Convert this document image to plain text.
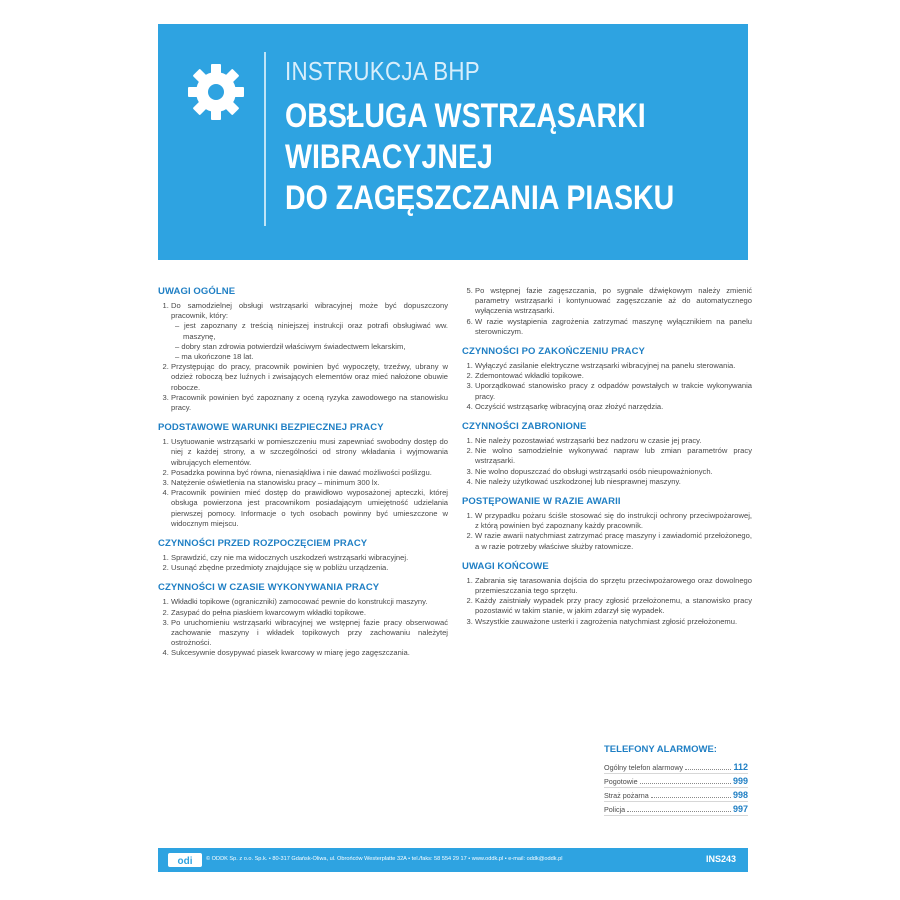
INSTRUKCJA BHP
OBSŁUGA WSTRZĄSARKI
WIBRACYJNEJ
DO ZAGĘSZCZANIA PIASKU
UWAGI OGÓLNE
1. Do samodzielnej obsługi wstrząsarki wibracyjnej może być dopuszczony pracownik, który:
– jest zapoznany z treścią niniejszej instrukcji oraz potrafi obsługiwać ww. maszynę,
– dobry stan zdrowia potwierdził właściwym świadectwem lekarskim,
– ma ukończone 18 lat.
2. Przystępując do pracy, pracownik powinien być wypoczęty, trzeźwy, ubrany w odzież roboczą bez luźnych i zwisających elementów oraz mieć nałożone obuwie robocze.
3. Pracownik powinien być zapoznany z oceną ryzyka zawodowego na stanowisku pracy.
PODSTAWOWE WARUNKI BEZPIECZNEJ PRACY
1. Usytuowanie wstrząsarki w pomieszczeniu musi zapewniać swobodny dostęp do niej z każdej strony, a w szczególności od strony wkładania i wyjmowania wibrujących elementów.
2. Posadzka powinna być równa, nienasiąkliwa i nie dawać możliwości poślizgu.
3. Natężenie oświetlenia na stanowisku pracy – minimum 300 lx.
4. Pracownik powinien mieć dostęp do prawidłowo wyposażonej apteczki, której obsługa powierzona jest pracownikom posiadającym umiejętność udzielania pierwszej pomocy. Informacje o tych osobach powinny być umieszczone w widocznym miejscu.
CZYNNOŚCI PRZED ROZPOCZĘCIEM PRACY
1. Sprawdzić, czy nie ma widocznych uszkodzeń wstrząsarki wibracyjnej.
2. Usunąć zbędne przedmioty znajdujące się w pobliżu urządzenia.
CZYNNOŚCI W CZASIE WYKONYWANIA PRACY
1. Wkładki topikowe (ograniczniki) zamocować pewnie do konstrukcji maszyny.
2. Zasypać do pełna piaskiem kwarcowym wkładki topikowe.
3. Po uruchomieniu wstrząsarki wibracyjnej we wstępnej fazie pracy obserwować zachowanie maszyny i wkładek topikowych przy zachowaniu należytej ostrożności.
4. Sukcesywnie dosypywać piasek kwarcowy w miarę jego zagęszczania.
5. Po wstępnej fazie zagęszczania, po sygnale dźwiękowym należy zmienić parametry wstrząsarki i kontynuować zagęszczanie aż do automatycznego wyłączenia wstrząsarki.
6. W razie wystąpienia zagrożenia zatrzymać maszynę wyłącznikiem na panelu sterowniczym.
CZYNNOŚCI PO ZAKOŃCZENIU PRACY
1. Wyłączyć zasilanie elektryczne wstrząsarki wibracyjnej na panelu sterowania.
2. Zdemontować wkładki topikowe.
3. Uporządkować stanowisko pracy z odpadów powstałych w trakcie wykonywania pracy.
4. Oczyścić wstrząsarkę wibracyjną oraz złożyć narzędzia.
CZYNNOŚCI ZABRONIONE
1. Nie należy pozostawiać wstrząsarki bez nadzoru w czasie jej pracy.
2. Nie wolno samodzielnie wykonywać napraw lub zmian parametrów pracy wstrząsarki.
3. Nie wolno dopuszczać do obsługi wstrząsarki osób nieupoważnionych.
4. Nie należy użytkować uszkodzonej lub niesprawnej maszyny.
POSTĘPOWANIE W RAZIE AWARII
1. W przypadku pożaru ściśle stosować się do instrukcji ochrony przeciwpożarowej, z którą powinien być zapoznany każdy pracownik.
2. W razie awarii natychmiast zatrzymać pracę maszyny i zawiadomić przełożonego, a w razie potrzeby właściwe służby ratownicze.
UWAGI KOŃCOWE
1. Zabrania się tarasowania dojścia do sprzętu przeciwpożarowego oraz dowolnego przemieszczania tego sprzętu.
2. Każdy zaistniały wypadek przy pracy zgłosić przełożonemu, a stanowisko pracy pozostawić w takim stanie, w jakim zdarzył się wypadek.
3. Wszystkie zauważone usterki i zagrożenia natychmiast zgłosić przełożonemu.
TELEFONY ALARMOWE:
Ogólny telefon alarmowy	112
Pogotowie	999
Straż pożarna	998
Policja	997
odi © ODDK Sp. z o.o. Sp.k. • 80-317 Gdańsk-Oliwa, ul. Obrońców Westerplatte 32A • tel./faks: 58 554 29 17 • www.oddk.pl • e-mail: oddk@oddk.pl	INS243
